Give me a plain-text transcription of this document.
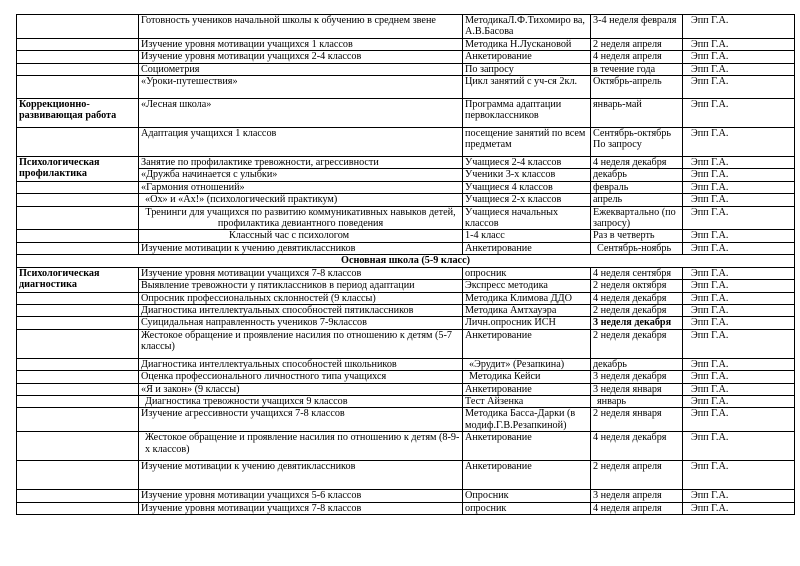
	Готовность учеников начальной школы к обучению в среднем звене	МетодикаЛ.Ф.Тихомиро ва, А.В.Басова	3-4 неделя февраля	Эпп Г.А.
	Изучение уровня мотивации учащихся 1 классов	Методика Н.Лускановой	2 неделя апреля	Эпп Г.А.
	Изучение уровня мотивации учащихся 2-4 классов	Анкетирование	4 неделя апреля	Эпп Г.А.
	Социометрия	По запросу	в течение года	Эпп Г.А.
	«Уроки-путешествия»	Цикл занятий с уч-ся 2кл.	Октябрь-апрель	Эпп Г.А.
Коррекционно-развивающая работа	«Лесная школа»	Программа адаптации первоклассников	январь-май	Эпп Г.А.
	Адаптация учащихся 1 классов	посещение занятий по всем предметам	Сентябрь-октябрь По запросу	Эпп Г.А.
Психологическая профилактика	Занятие по профилактике тревожности, агрессивности	Учащиеся 2-4 классов	4 неделя декабря	Эпп Г.А.
	«Дружба начинается с улыбки»	Ученики 3-х классов	декабрь	Эпп Г.А.
	«Гармония отношений»	Учащиеся 4 классов	февраль	Эпп Г.А.
	«Ох» и «Ах!» (психологический практикум)	Учащиеся 2-х классов	апрель	Эпп Г.А.
	Тренинги для учащихся по развитию коммуникативных навыков детей, профилактика девиантного поведения	Учащиеся начальных классов	Ежеквартально (по запросу)	Эпп Г.А.
	Классный час с психологом	1-4 класс	Раз в четверть	Эпп Г.А.
	Изучение мотивации к учению девятиклассников	Анкетирование	Сентябрь-ноябрь	Эпп Г.А.
Основная школа (5-9 класс)				
Психологическая диагностика	Изучение уровня мотивации учащихся 7-8 классов	опросник	4 неделя сентября	Эпп Г.А.
	Выявление тревожности у пятиклассников в период адаптации	Экспресс методика	2 неделя октября	Эпп Г.А.
	Опросник профессиональных склонностей (9 классы)	Методика Климова ДДО	4 неделя декабря	Эпп Г.А.
	Диагностика интеллектуальных способностей пятиклассников	Методика Амтхауэра	2 неделя декабря	Эпп Г.А.
	Суицидальная направленность учеников 7-9классов	Личн.опросник ИСН	3 неделя декабря	Эпп Г.А.
	Жестокое обращение и проявление насилия по отношению к детям (5-7 классы)	Анкетирование	2 неделя декабря	Эпп Г.А.
	Диагностика интеллектуальных способностей школьников	«Эрудит» (Резапкина)	декабрь	Эпп Г.А.
	Оценка профессионального личностного типа учащихся	Методика Кейси	3 неделя декабря	Эпп Г.А.
	«Я и закон» (9 классы)	Анкетирование	3 неделя января	Эпп Г.А.
	Диагностика тревожности учащихся 9 классов	Тест Айзенка	январь	Эпп Г.А.
	Изучение агрессивности учащихся 7-8 классов	Методика Басса-Дарки (в модиф.Г.В.Резапкиной)	2 неделя января	Эпп Г.А.
	Жестокое обращение и проявление насилия по отношению к детям (8-9-х классов)	Анкетирование	4 неделя декабря	Эпп Г.А.
	Изучение мотивации к учению девятиклассников	Анкетирование	2 неделя апреля	Эпп Г.А.
	Изучение уровня мотивации учащихся 5-6 классов	Опросник	3 неделя апреля	Эпп Г.А.
	Изучение уровня мотивации учащихся 7-8 классов	опросник	4 неделя апреля	Эпп Г.А.
